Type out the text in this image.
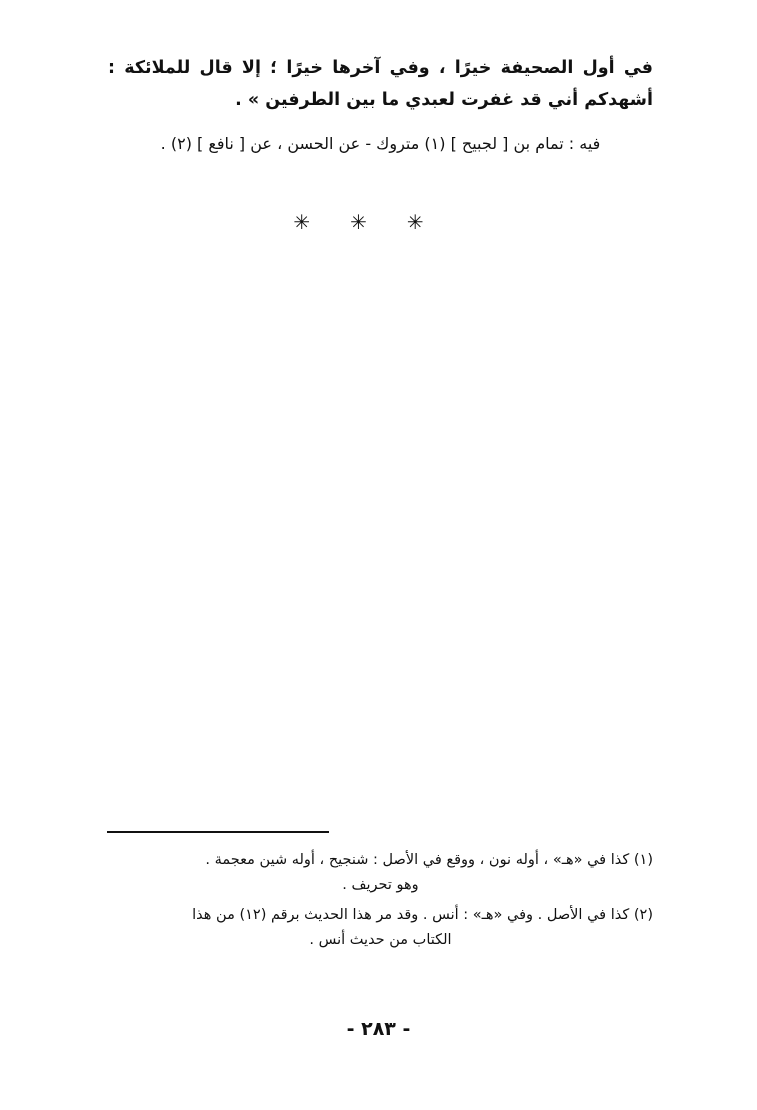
في أول الصحيفة خيرًا ، وفي آخرها خيرًا ؛ إلا قال للملائكة : أشهدكم أني قد غفرت لعبدي ما بين الطرفين » .

فيه : تمام بن [ لجبيح ] (١) متروك - عن الحسن ، عن [ نافع ] (٢) .
✳✳✳
(١) كذا في «هـ» ، أوله نون ، ووقع في الأصل : شنجيح ، أوله شين معجمة .
وهو تحريف .
(٢) كذا في الأصل . وفي «هـ» : أنس . وقد مر هذا الحديث برقم (١٢) من هذا
الكتاب من حديث أنس .
- ٢٨٣ -
